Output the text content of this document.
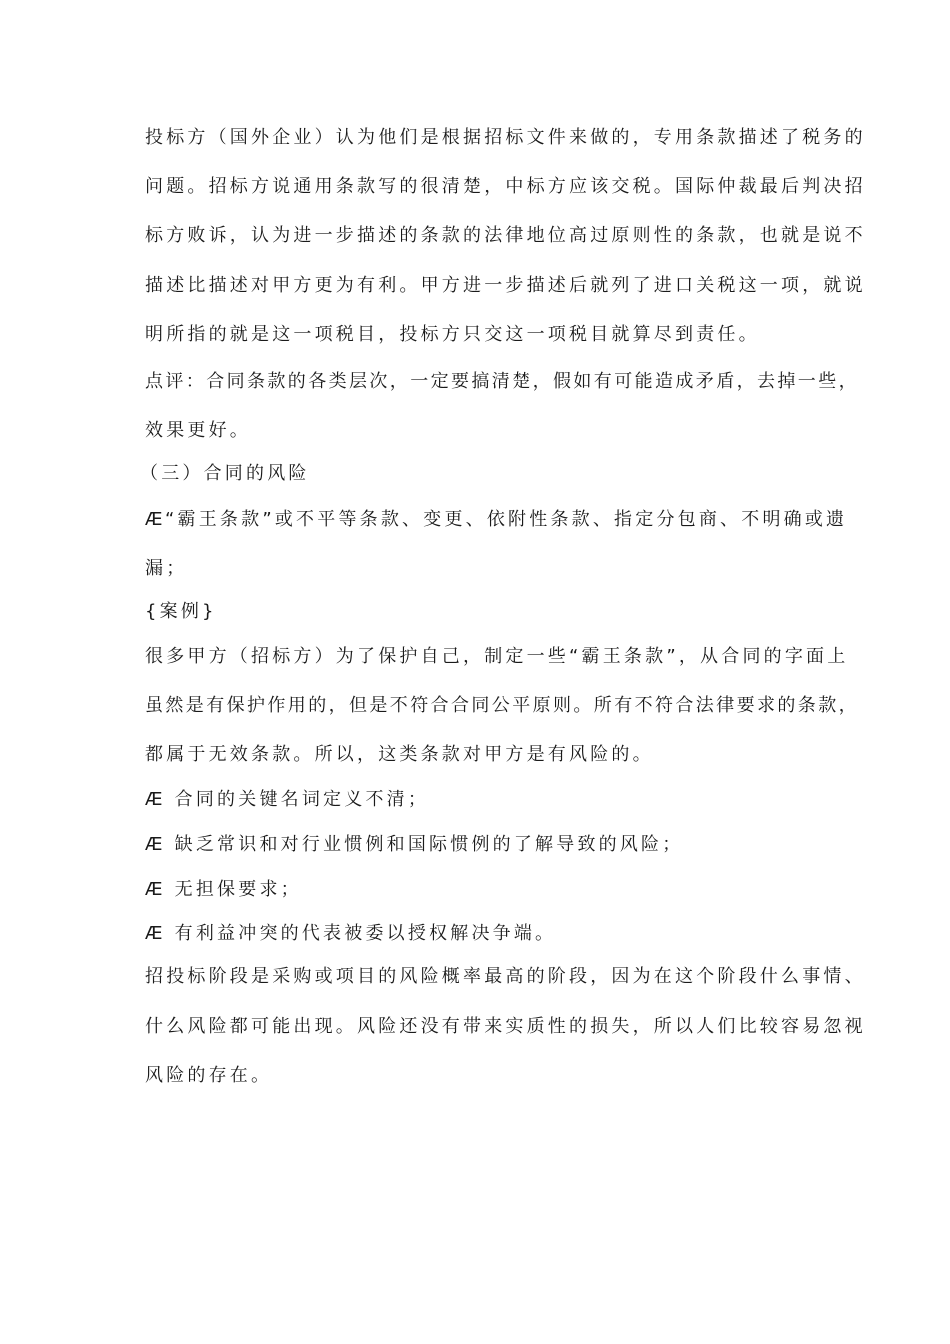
投标方（国外企业）认为他们是根据招标文件来做的，专用条款描述了税务的
问题。招标方说通用条款写的很清楚，中标方应该交税。国际仲裁最后判决招
标方败诉，认为进一步描述的条款的法律地位高过原则性的条款，也就是说不
描述比描述对甲方更为有利。甲方进一步描述后就列了进口关税这一项，就说
明所指的就是这一项税目，投标方只交这一项税目就算尽到责任。
点评：合同条款的各类层次，一定要搞清楚，假如有可能造成矛盾，去掉一些，
效果更好。
（三）合同的风险
Æ“霸王条款”或不平等条款、变更、依附性条款、指定分包商、不明确或遗
漏；
{案例}
很多甲方（招标方）为了保护自己，制定一些“霸王条款”，从合同的字面上
虽然是有保护作用的，但是不符合合同公平原则。所有不符合法律要求的条款，
都属于无效条款。所以，这类条款对甲方是有风险的。
Æ 合同的关键名词定义不清；
Æ 缺乏常识和对行业惯例和国际惯例的了解导致的风险；
Æ 无担保要求；
Æ 有利益冲突的代表被委以授权解决争端。
招投标阶段是采购或项目的风险概率最高的阶段，因为在这个阶段什么事情、
什么风险都可能出现。风险还没有带来实质性的损失，所以人们比较容易忽视
风险的存在。
